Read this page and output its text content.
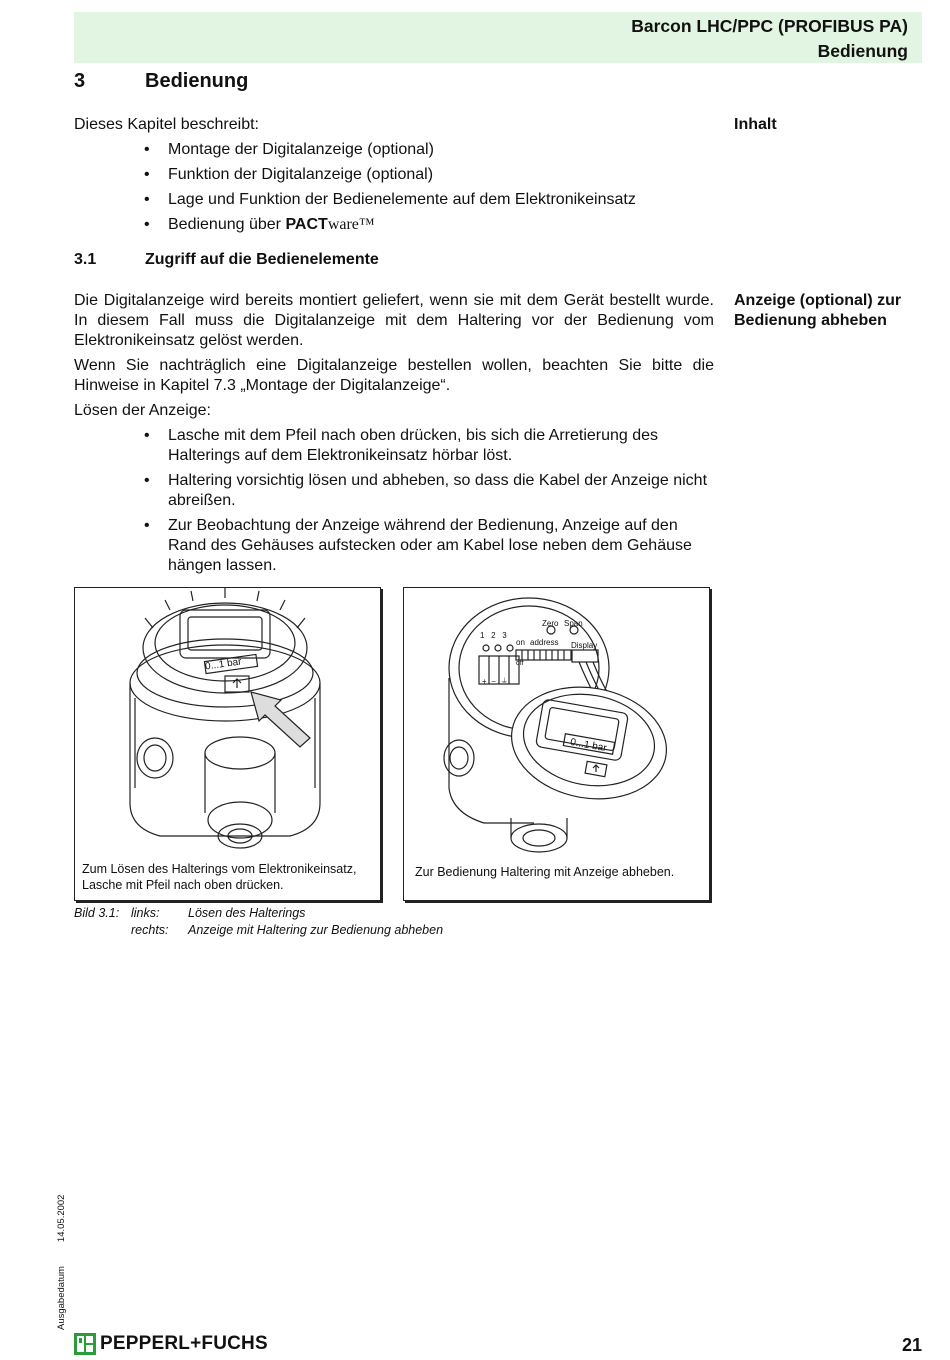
Barcon LHC/PPC (PROFIBUS PA)
Bedienung
3	Bedienung
Dieses Kapitel beschreibt:	Inhalt
• Montage der Digitalanzeige (optional)
• Funktion der Digitalanzeige (optional)
• Lage und Funktion der Bedienelemente auf dem Elektronikeinsatz
• Bedienung über PACTware™
3.1	Zugriff auf die Bedienelemente
Anzeige (optional) zur Bedienung abheben
Die Digitalanzeige wird bereits montiert geliefert, wenn sie mit dem Gerät bestellt wurde. In diesem Fall muss die Digitalanzeige mit dem Haltering vor der Bedienung vom Elektronikeinsatz gelöst werden.
Wenn Sie nachträglich eine Digitalanzeige bestellen wollen, beachten Sie bitte die Hinweise in Kapitel 7.3 „Montage der Digitalanzeige“.
Lösen der Anzeige:
• Lasche mit dem Pfeil nach oben drücken, bis sich die Arretierung des Halterings auf dem Elektronikeinsatz hörbar löst.
• Haltering vorsichtig lösen und abheben, so dass die Kabel der Anzeige nicht abreißen.
• Zur Beobachtung der Anzeige während der Bedienung, Anzeige auf den Rand des Gehäuses aufstecken oder am Kabel lose neben dem Gehäuse hängen lassen.
0...1 bar
Zum Lösen des Halterings vom Elektronikeinsatz, Lasche mit Pfeil nach oben drücken.
Zero Span
1   2   3
on address Display
off
+  −  ⏚
0...1 bar
Zur Bedienung Haltering mit Anzeige abheben.
Bild 3.1: links: Lösen des Halterings
rechts: Anzeige mit Haltering zur Bedienung abheben
Ausgabedatum14.05.2002
PEPPERL+FUCHS	21
